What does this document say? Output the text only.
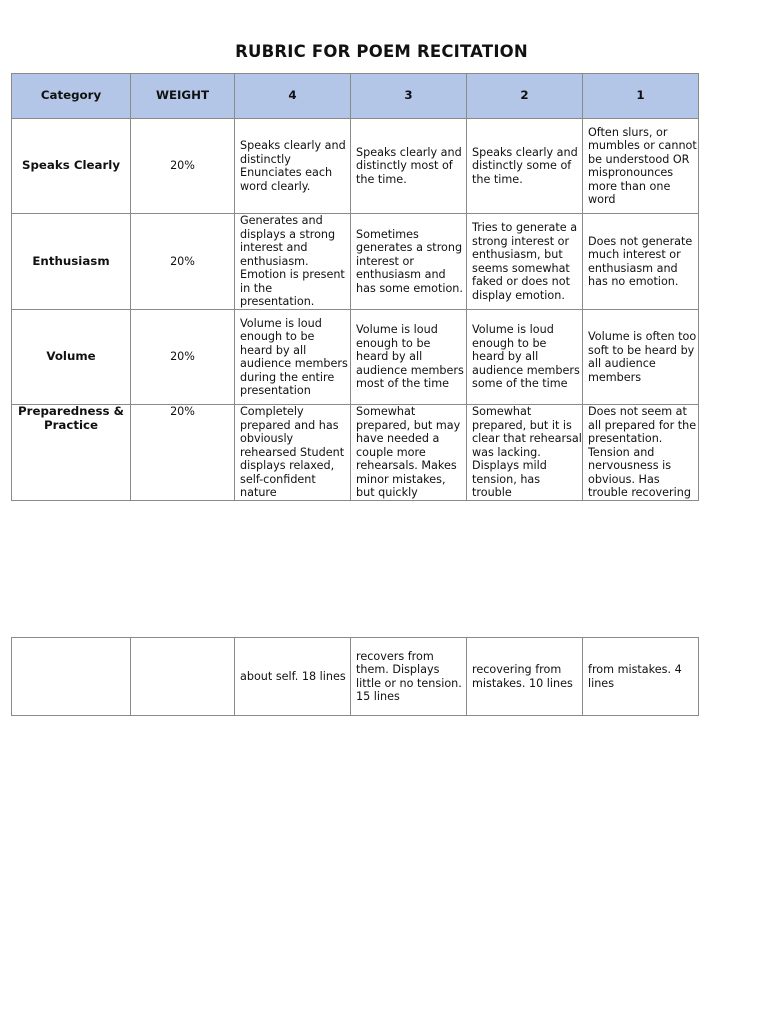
RUBRIC FOR POEM RECITATION
Category	WEIGHT	4	3	2	1
Speaks Clearly	20%	Speaks clearly and distinctly Enunciates each word clearly.	Speaks clearly and distinctly most of the time.	Speaks clearly and distinctly some of the time.	Often slurs, or mumbles or cannot be understood OR mispronounces more than one word
Enthusiasm	20%	Generates and displays a strong interest and enthusiasm. Emotion is present in the presentation.	Sometimes generates a strong interest or enthusiasm and has some emotion.	Tries to generate a strong interest or enthusiasm, but seems somewhat faked or does not display emotion.	Does not generate much interest or enthusiasm and has no emotion.
Volume	20%	Volume is loud enough to be heard by all audience members during the entire presentation	Volume is loud enough to be heard by all audience members most of the time	Volume is loud enough to be heard by all audience members some of the time	Volume is often too soft to be heard by all audience members
Preparedness & Practice	20%	Completely prepared and has obviously rehearsed Student displays relaxed, self-confident nature	Somewhat prepared, but may have needed a couple more rehearsals. Makes minor mistakes, but quickly	Somewhat prepared, but it is clear that rehearsal was lacking. Displays mild tension, has trouble	Does not seem at all prepared for the presentation. Tension and nervousness is obvious. Has trouble recovering
		about self. 18 lines	recovers from them. Displays little or no tension. 15 lines	recovering from mistakes. 10 lines	from mistakes. 4 lines
